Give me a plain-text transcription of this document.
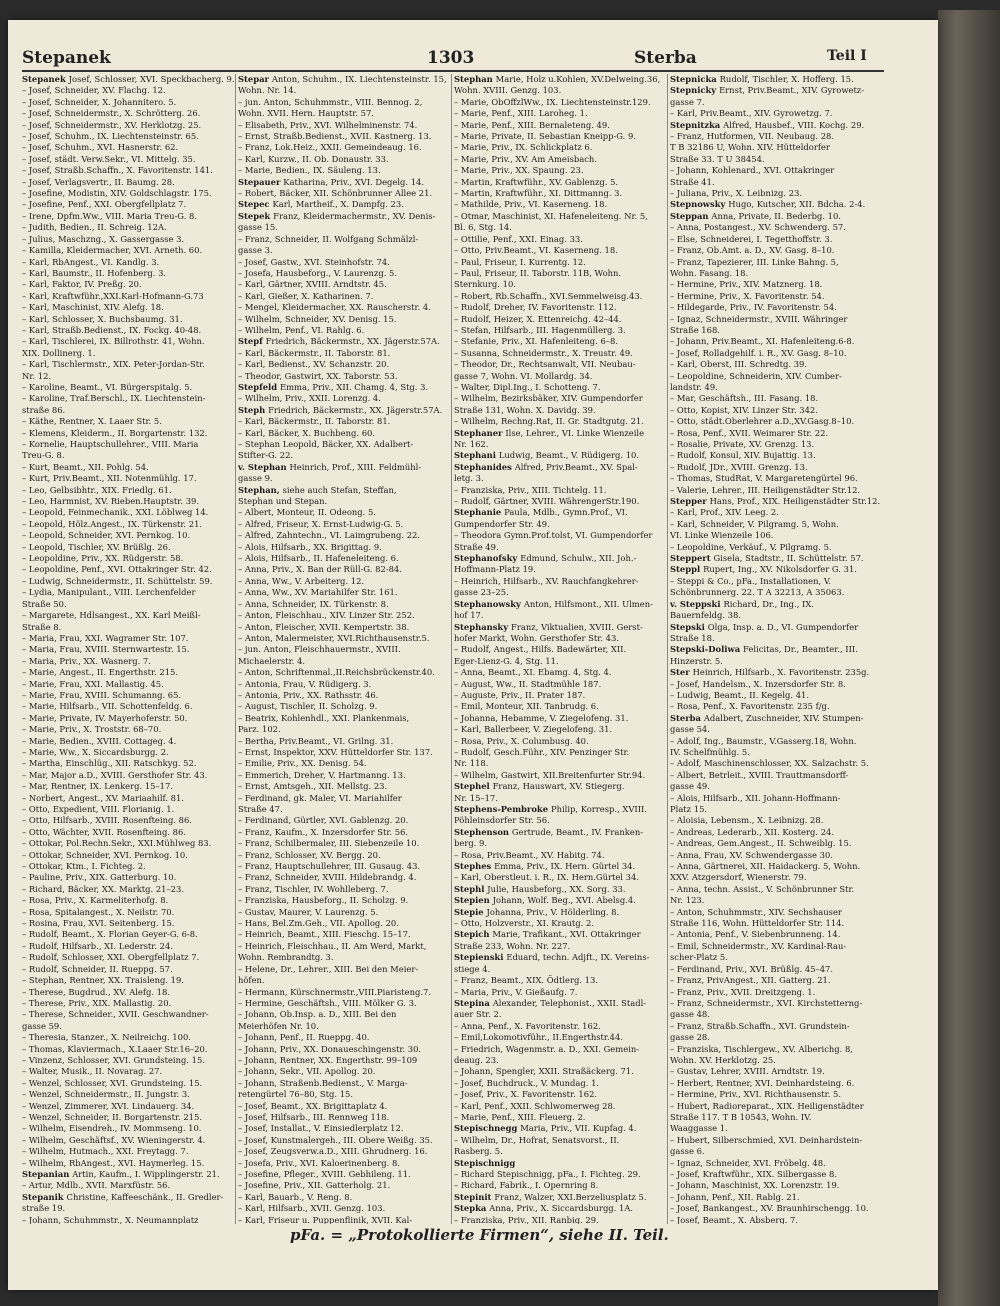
Stepanek	1303	Sterba	Teil I
Stepanek Josef, Schlosser, XVI. Speckbacherg. 9.
– Josef, Schneider, XV. Flachg. 12.
– Josef, Schneider, X. Johannitero. 5.
– Josef, Schneidermstr., X. Schrötterg. 26.
– Josef, Schneidermstr., XV. Herklotzg. 25.
– Josef, Schuhm., IX. Liechtensteinstr. 65.
– Josef, Schuhm., XVI. Hasnerstr. 62.
– Josef, städt. Verw.Sekr., VI. Mittelg. 35.
– Josef, Straßb.Schaffn., X. Favoritenstr. 141.
– Josef, Verlagsvertr., II. Baumg. 28.
– Josefine, Modistin, XIV. Goldschlagstr. 175.
– Josefine, Penf., XXI. Obergfellplatz 7.
– Irene, Dpfm.Ww., VIII. Maria Treu-G. 8.
– Judith, Bedien., II. Schreig. 12A.
– Julius, Maschzng., X. Gassergasse 3.
– Kamilla, Kleidermacher, XVI. Arneth. 60.
– Karl, RbAngest., VI. Kandlg. 3.
– Karl, Baumstr., II. Hofenberg. 3.
– Karl, Faktor, IV. Preßg. 20.
– Karl, Kraftwführ.,XXI.Karl-Hofmann-G.73
– Karl, Maschinist, XIV. Alefg. 18.
– Karl, Schlosser, X. Buchsbaumg. 31.
– Karl, Straßb.Bedienst., IX. Fockg. 40-48.
– Karl, Tischlerei, IX. Billrothstr. 41, Wohn.
XIX. Dollinerg. 1.
– Karl, Tischlermstr., XIX. Peter-Jordan-Str.
Nr. 12.
– Karoline, Beamt., VI. Bürgerspitalg. 5.
– Karoline, Traf.Berschl., IX. Liechtenstein-
straße 86.
– Käthe, Rentner, X. Laaer Str. 5.
– Klemens, Kleiderm., II. Borgartenstr. 132.
– Kornelie, Hauptschullehrer., VIII. Maria
Treu-G. 8.
– Kurt, Beamt., XII. Pohlg. 54.
– Kurt, Priv.Beamt., XII. Notenmühlg. 17.
– Leo, Gelbsibhtr., XIX. Friedlg. 61.
– Leo, Harmnist, XV. Rieben.Hauptstr. 39.
– Leopold, Feinmechanik., XXI. Löblweg 14.
– Leopold, Hölz.Angest., IX. Türkenstr. 21.
– Leopold, Schneider, XVI. Pernkog. 10.
– Leopold, Tischler, XV. Brüßlg. 26.
– Leopoldine, Priv., XX. Rüdgerstr. 58.
– Leopoldine, Penf., XVI. Ottakringer Str. 42.
– Ludwig, Schneidermstr., II. Schüttelstr. 59.
– Lydia, Manipulant., VIII. Lerchenfelder
Straße 50.
– Margarete, Hdlsangest., XX. Karl Meißl-
Straße 8.
– Maria, Frau, XXI. Wagramer Str. 107.
– Maria, Frau, XVIII. Sternwartestr. 15.
– Maria, Priv., XX. Wasnerg. 7.
– Marie, Angest., II. Engerthstr. 215.
– Marie, Frau, XXI. Mallastig. 45.
– Marie, Frau, XVIII. Schumanng. 65.
– Marie, Hilfsarb., VII. Schottenfeldg. 6.
– Marie, Private, IV. Mayerhoferstr. 50.
– Marie, Priv., X. Troststr. 68–70.
– Marie, Bedien., XVIII. Cottageg. 4.
– Marie, Ww., X. Siccardsburgg. 2.
– Martha, Einschlüg., XII. Ratschkyg. 52.
– Mar, Major a.D., XVIII. Gersthofer Str. 43.
– Mar, Rentner, IX. Lenkerg. 15–17.
– Norbert, Angest., XV. Mariaahilf. 81.
– Otto, Expedient, VIII. Florianig. 1.
– Otto, Hilfsarb., XVIII. Rosenfteing. 86.
– Otto, Wächter, XVII. Rosenfteing. 86.
– Ottokar, Pol.Rechn.Sekr., XXI.Mühlweg 83.
– Ottokar, Schneider, XVI. Pernkog. 10.
– Ottokar, Ktm., I. Fichteg. 2.
– Pauline, Priv., XIX. Gatterburg. 10.
– Richard, Bäcker, XX. Marktg. 21–23.
– Rosa, Priv., X. Karmeliterhofg. 8.
– Rosa, Spitalangest., X. Neilstr. 70.
– Rosina, Frau, XVI. Seitenberg. 15.
– Rudolf, Beamt., X. Florian Geyer-G. 6-8.
– Rudolf, Hilfsarb., XI. Lederstr. 24.
– Rudolf, Schlosser, XXI. Obergfellplatz 7.
– Rudolf, Schneider, II. Rueppg. 57.
– Stephan, Rentner, XX. Traisleng. 19.
– Therese, Bugdrud., XV. Alefg. 18.
– Therese, Priv., XIX. Mallastig. 20.
– Therese, Schneider., XVII. Geschwandner-
gasse 59.
– Theresia, Stanzer., X. Neilreichg. 100.
– Thomas, Klaviermach., X.Laaer Str.16–20.
– Vinzenz, Schlosser, XVI. Grundsteing. 15.
– Walter, Musik., II. Novarag. 27.
– Wenzel, Schlosser, XVI. Grundsteing. 15.
– Wenzel, Schneidermstr., II. Jungstr. 3.
– Wenzel, Zimmerer, XVI. Lindauerg. 34.
– Wenzel, Schneider, II. Borgartenstr. 215.
– Wilhelm, Eisendreh., IV. Mommseng. 10.
– Wilhelm, Geschäftsf., XV. Wieningerstr. 4.
– Wilhelm, Hutmach., XXI. Freytagg. 7.
– Wilhelm, RbAngest., XVI. Haymerleg. 15.
Stepanian Artin, Kaufm., I. Wipplingerstr. 21.
– Artur, Mdlb., XVII. Marxfüstr. 56.
Stepanik Christine, Kaffeeschänk., II. Gredler-
straße 19.
– Johann, Schuhmmstr., X. Neumannplatz
Stepar Anton, Schuhm., IX. Liechtensteinstr. 15,
Wohn. Nr. 14.
– jun. Anton, Schuhmmstr., VIII. Bennog. 2,
Wohn. XVII. Hern. Hauptstr. 57.
– Elisabeth, Priv., XVI. Wilhelminenstr. 74.
– Ernst, Straßb.Bedienst., XVII. Kastnerg. 13.
– Franz, Lok.Heiz., XXII. Gemeindeaug. 16.
– Karl, Kurzw., II. Ob. Donaustr. 33.
– Marie, Bedien., IX. Säuleng. 13.
Stepauer Katharina, Priv., XVI. Degelg. 14.
– Robert, Bäcker, XII. Schönbrunner Allee 21.
Stepec Karl, Martheif., X. Dampfg. 23.
Stepek Franz, Kleidermachermstr., XV. Denis-
gasse 15.
– Franz, Schneider, II. Wolfgang Schmälzl-
gasse 3.
– Josef, Gastw., XVI. Steinhofstr. 74.
– Josefa, Hausbeforg., V. Laurenzg. 5.
– Karl, Gärtner, XVIII. Arndtstr. 45.
– Karl, Gießer, X. Katharinen. 7.
– Mengel, Kleidermacher, XX. Rauscherstr. 4.
– Wilhelm, Schneider, XV. Denisg. 15.
– Wilhelm, Penf., VI. Rahlg. 6.
Stepf Friedrich, Bäckermstr., XX. Jägerstr.57A.
– Karl, Bäckermstr., II. Taborstr. 81.
– Karl, Bedienst., XV. Schanzstr. 20.
– Theodor, Gastwirt, XX. Taborstr. 53.
Stepfeld Emma, Priv., XII. Chamg. 4, Stg. 3.
– Wilhelm, Priv., XXII. Lorenzg. 4.
Steph Friedrich, Bäckermstr., XX. Jägerstr.57A.
– Karl, Bäckermstr., II. Taborstr. 81.
– Karl, Bäcker, X. Buchbeng. 60.
– Stephan Leopold, Bäcker, XX. Adalbert-
Stifter-G. 22.
v. Stephan Heinrich, Prof., XIII. Feldmühl-
gasse 9.
Stephan, siehe auch Stefan, Steffan,
Stephan und Stepan.
– Albert, Monteur, II. Odeong. 5.
– Alfred, Friseur, X. Ernst-Ludwig-G. 5.
– Alfred, Zahntechn., VI. Laimgrubeng. 22.
– Alois, Hilfsarb., XX. Brigittag. 9.
– Alois, Hilfsarb., II. Hafeneleiteng. 6.
– Anna, Priv., X. Ban der Rüll-G. 82-84.
– Anna, Ww., V. Arbeiterg. 12.
– Anna, Ww., XV. Mariahilfer Str. 161.
– Anna, Schneider, IX. Türkenstr. 8.
– Anton, Fleischhau., XIV. Linzer Str. 252.
– Anton, Fleischer, XVII. Kempertstr. 38.
– Anton, Malermeister, XVI.Richthausenstr.5.
– jun. Anton, Fleischhauermstr., XVIII.
Michaelerstr. 4.
– Anton, Schriftenmal.,II.Reichsbrückenstr.40.
– Antonia, Frau, V. Rüdigerg. 3.
– Antonia, Priv., XX. Rathsstr. 46.
– August, Tischler, II. Scholzg. 9.
– Beatrix, Kohlenhdl., XXI. Plankenmais,
Parz. 102.
– Bertha, Priv.Beamt., VI. Grilng. 31.
– Ernst, Inspektor, XXV. Hütteldorfer Str. 137.
– Emilie, Priv., XX. Denisg. 54.
– Emmerich, Dreher, V. Hartmanng. 13.
– Ernst, Amtsgeh., XII. Mellstg. 23.
– Ferdinand, gk. Maler, VI. Mariahilfer
Straße 47.
– Ferdinand, Gürtler, XVI. Gablenzg. 20.
– Franz, Kaufm., X. Inzersdorfer Str. 56.
– Franz, Schilbermaler, III. Siebenzeile 10.
– Franz, Schlosser, XV. Bergg. 20.
– Franz, Hauptschullehrer, III. Gusaug. 43.
– Franz, Schneider, XVIII. Hildebrandg. 4.
– Franz, Tischler, IV. Wohlleberg. 7.
– Franziska, Hausbeforg., II. Scholzg. 9.
– Gustav, Maurer, V. Laurenzg. 5.
– Hans, Bel.Zm.Geh., VII. Apollog. 20.
– Heinrich, Beamt., XIII. Fieschg. 15–17.
– Heinrich, Fleischhau., II. Am Werd, Markt,
Wohn. Rembrandtg. 3.
– Helene, Dr., Lehrer., XIII. Bei den Meier-
höfen.
– Hermann, Kürschnermstr.,VIII.Piaristeng.7.
– Hermine, Geschäftsh., VIII. Mölker G. 3.
– Johann, Ob.Insp. a. D., XIII. Bei den
Meierhöfen Nr. 10.
– Johann, Penf., II. Rueppg. 40.
– Johann, Priv., XX. Donaueschingenstr. 30.
– Johann, Rentner, XX. Engerthstr. 99–109
– Johann, Sekr., VII. Apollog. 20.
– Johann, Straßenb.Bedienst., V. Marga-
retengürtel 76–80, Stg. 15.
– Josef, Beamt., XX. Brigittaplatz 4.
– Josef, Hilfsarb., III. Rennweg 118.
– Josef, Installat., V. Einsiedlerplatz 12.
– Josef, Kunstmalergeh., III. Obere Weißg. 35.
– Josef, Zeugsverw.a.D., XIII. Ghrudnerg. 16.
– Josefa, Priv., XVI. Kaloerinenberg. 8.
– Josefine, Pfleger., XVIII. Gebhileng. 11.
– Josefine, Priv., XII. Gatterholg. 21.
– Karl, Bauarb., V. Reng. 8.
– Karl, Hilfsarb., XVII. Genzg. 103.
– Karl, Friseur u. Puppenflinik, XVII. Kal-
Stephan Marie, Holz u.Kohlen, XV.Delweing.36,
Wohn. XVIII. Genzg. 103.
– Marie, ObOffzlWw., IX. Liechtensteinstr.129.
– Marie, Penf., XIII. Laroheg. 1.
– Marie, Penf., XIII. Bernaleteng. 49.
– Marie, Private, II. Sebastian Kneipp-G. 9.
– Marie, Priv., IX. Schlickplatz 6.
– Marie, Priv., XV. Am Ameisbach.
– Marie, Priv., XX. Spaung. 23.
– Martin, Kraftwführ., XV. Gablenzg. 5.
– Martin, Kraftwführ., XI. Dittmanng. 3.
– Mathilde, Priv., VI. Kaserneng. 18.
– Otmar, Maschinist, XI. Hafeneleiteng. Nr. 5,
Bl. 6, Stg. 14.
– Ottilie, Penf., XXI. Einag. 33.
– Otto, Priv.Beamt., VI. Kaserneng. 18.
– Paul, Friseur, I. Kurrentg. 12.
– Paul, Friseur, II. Taborstr. 11B, Wohn.
Sternkurg. 10.
– Robert, Rb.Schaffn., XVI.Semmelweisg.43.
– Rudolf, Dreher, IV. Favoritenstr. 112.
– Rudolf, Heizer, X. Ettenreichg. 42–44.
– Stefan, Hilfsarb., III. Hagenmüllerg. 3.
– Stefanie, Priv., XI. Hafenleiteng. 6–8.
– Susanna, Schneidermstr., X. Treustr. 49.
– Theodor, Dr., Rechtsanwalt, VII. Neubau-
gasse 7, Wohn. VI. Mollardg. 34.
– Walter, Dipl.Ing., I. Schotteng. 7.
– Wilhelm, Bezirksbäker, XIV. Gumpendorfer
Straße 131, Wohn. X. Davidg. 39.
– Wilhelm, Rechng.Rat, II. Gr. Stadtgutg. 21.
Stephaner Ilse, Lehrer., VI. Linke Wienzeile
Nr. 162.
Stephani Ludwig, Beamt., V. Rüdigerg. 10.
Stephanides Alfred, Priv.Beamt., XV. Spal-
letg. 3.
– Franziska, Priv., XIII. Tichtelg. 11.
– Rudolf, Gärtner, XVIII. WährengerStr.190.
Stephanie Paula, Mdlb., Gymn.Prof., VI.
Gumpendorfer Str. 49.
– Theodora Gymn.Prof.tolst, VI. Gumpendorfer
Straße 49.
Stephanofsky Edmund, Schulw., XII. Joh.-
Hoffmann-Platz 19.
– Heinrich, Hilfsarb., XV. Rauchfangkehrer-
gasse 23–25.
Stephanowsky Anton, Hilfsmont., XII. Ulmen-
hof 17.
Stephansky Franz, Viktualien, XVIII. Gerst-
hofer Markt, Wohn. Gersthofer Str. 43.
– Rudolf, Angest., Hilfs. Badewärter, XII.
Eger-Lienz-G. 4, Stg. 11.
– Anna, Beamt., XI. Ebamg. 4, Stg. 4.
– August, Ww., II. Stadtmühle 187.
– Auguste, Priv., II. Prater 187.
– Emil, Monteur, XII. Tanbrudg. 6.
– Johanna, Hebamme, V. Ziegelofeng. 31.
– Karl, Ballerbeer, V. Ziegelofeng. 31.
– Rosa, Priv., X. Columbusg. 40.
– Rudolf, Gesch.Führ., XIV. Penzinger Str.
Nr. 118.
– Wilhelm, Gastwirt, XII.Breitenfurter Str.94.
Stephel Franz, Hauswart, XV. Stiegerg.
Nr. 15–17.
Stephens-Pembroke Philip, Korresp., XVIII.
Pöhleinsdorfer Str. 56.
Stephenson Gertrude, Beamt., IV. Franken-
berg. 9.
– Rosa, Priv.Beamt., XV. Habitg. 74.
Stephes Emma, Priv., IX. Hern. Gürtel 34.
– Karl, Oberstleut. i. R., IX. Hern.Gürtel 34.
Stephl Julie, Hausbeforg., XX. Sorg. 33.
Stepien Johann, Wolf. Beg., XVI. Abelsg.4.
Stepie Johanna, Priv., V. Hölderling. 8.
– Otto, Holzverstr., XI. Krautg. 2.
Stepich Marie, Trafikant., XVI. Ottakringer
Straße 233, Wohn. Nr. 227.
Stepienski Eduard, techn. Adjft., IX. Vereins-
stiege 4.
– Franz, Beamt., XIX. Ödtlerg. 13.
– Maria, Priv., V. Gießaufg. 7.
Stepina Alexander, Telephonist., XXII. Stadl-
auer Str. 2.
– Anna, Penf., X. Favoritenstr. 162.
– Emil,Lokomotivführ., II.Engerthstr.44.
– Friedrich, Wagenmstr. a. D., XXI. Gemein-
deaug. 23.
– Johann, Spengler, XXII. Straßäckerg. 71.
– Josef, Buchdruck., V. Mundag. 1.
– Josef, Priv., X. Favoritenstr. 162.
– Karl, Penf., XXII. Schlwomerweg 28.
– Marie, Penf., XIII. Fleuerg. 2.
Stepischnegg Maria, Priv., VII. Kupfag. 4.
– Wilhelm, Dr., Hofrat, Senatsvorst., II.
Rasberg. 5.
Stepischnigg
– Richard Stepischnigg, pFa., I. Fichteg. 29.
– Richard, Fabrik., I. Opernring 8.
Stepinit Franz, Walzer, XXI.Berzeliusplatz 5.
Stepka Anna, Priv., X. Siccardsburgg. 1A.
– Franziska, Priv., XII. Ranbig. 29.
Stepnicka Rudolf, Tischler, X. Hofferg. 15.
Stepnicky Ernst, Priv.Beamt., XIV. Gyrowetz-
gasse 7.
– Karl, Priv.Beamt., XIV. Gyrowetzg. 7.
Stepnitzka Alfred, Hausbef., VIII. Kochg. 29.
– Franz, Hutformen, VII. Neubaug. 28.
T B 32186 U, Wohn. XIV. Hütteldorfer
Straße 33. T U 38454.
– Johann, Kohlenard., XVI. Ottakringer
Straße 41.
– Juliana, Priv., X. Leibnizg. 23.
Stepnowsky Hugo, Kutscher, XII. Bdcha. 2-4.
Steppan Anna, Private, II. Bederbg. 10.
– Anna, Postangest., XV. Schwenderg. 57.
– Else, Schneiderei, I. Tegetthoffstr. 3.
– Franz, Ob.Amt. a. D., XV. Gasg. 8–10.
– Franz, Tapezierer, III. Linke Bahng. 5,
Wohn. Fasang. 18.
– Hermine, Priv., XIV. Matznerg. 18.
– Hermine, Priv., X. Favoritenstr. 54.
– Hildegarde, Priv., IV. Favoritenstr. 54.
– Ignaz, Schneidermstr., XVIII. Währinger
Straße 168.
– Johann, Priv.Beamt., XI. Hafenleiteng.6-8.
– Josef, Rolladgehilf. i. R., XV. Gasg. 8–10.
– Karl, Oberst, III. Schredtg. 39.
– Leopoldine, Schneiderin, XIV. Cumber-
landstr. 49.
– Mar, Geschäftsh., III. Fasang. 18.
– Otto, Kopist, XIV. Linzer Str. 342.
– Otto, städt.Oberlehrer a.D.,XV.Gasg.8–10.
– Rosa, Penf., XVII. Weimarer Str. 22.
– Rosalie, Private, XV. Grenzg. 13.
– Rudolf, Konsul, XIV. Bujattig. 13.
– Rudolf, JDr., XVIII. Grenzg. 13.
– Thomas, StudRat, V. Margaretengürtel 96.
– Valerie, Lehrer., III. Heiligenstädter Str.12.
Stepper Hans, Prof., XIX. Heiligenstädter Str.12.
– Karl, Prof., XIV. Leeg. 2.
– Karl, Schneider, V. Pilgramg. 5, Wohn.
VI. Linke Wienzeile 106.
– Leopoldine, Verkäuf., V. Pilgramg. 5.
Steppert Gisela, Stadtstr., II. Schüttelstr. 57.
Steppl Rupert, Ing., XV. Nikolsdorfer G. 31.
– Steppi & Co., pFa., Installationen, V.
Schönbrunnerg. 22. T A 32213, A 35063.
v. Steppski Richard, Dr., Ing., IX.
Bauernfeldg. 38.
Stepski Olga, Insp. a. D., VI. Gumpendorfer
Straße 18.
Stepski-Doliwa Felicitas, Dr., Beamter., III.
Hinzerstr. 5.
Ster Heinrich, Hilfsarb., X. Favoritenstr. 235g.
– Josef, Handelsm., X. Inzersdorfer Str. 8.
– Ludwig, Beamt., II. Kegelg. 41.
– Rosa, Penf., X. Favoritenstr. 235 f/g.
Sterba Adalbert, Zuschneider, XIV. Stumpen-
gasse 54.
– Adolf, Ing., Baumstr., V.Gasserg.18, Wohn.
IV. Schelfmühlg. 5.
– Adolf, Maschinenschlosser, XX. Salzachstr. 5.
– Albert, Betrleit., XVIII. Trauttmansdorff-
gasse 49.
– Alois, Hilfsarb., XII. Johann-Hoffmann-
Platz 15.
– Aloisia, Lebensm., X. Leibnizg. 28.
– Andreas, Lederarb., XII. Kosterg. 24.
– Andreas, Gem.Angest., II. Schweiblg. 15.
– Anna, Frau, XV. Schwendergasse 30.
– Anna, Gärtnerei, XII. Haidackerg. 5, Wohn.
XXV. Atzgersdorf, Wienerstr. 79.
– Anna, techn. Assist., V. Schönbrunner Str.
Nr. 123.
– Anton, Schuhmmstr., XIV. Sechshauser
Straße 116, Wohn. Hütteldorfer Str. 114.
– Antonia, Penf., V. Siebenbrunneng. 14.
– Emil, Schneidermstr., XV. Kardinal-Rau-
scher-Platz 5.
– Ferdinand, Priv., XVI. Brüßlg. 45–47.
– Franz, PrivAngest., XII. Gatterg. 21.
– Franz, Priv., XVII. Dreitzgeng. 1.
– Franz, Schneidermstr., XVI. Kirchstetterng-
gasse 48.
– Franz, Straßb.Schaffn., XVI. Grundstein-
gasse 28.
– Franziska, Tischlergew., XV. Alberichg. 8,
Wohn. XV. Herklotzg. 25.
– Gustav, Lehrer, XVIII. Arndtstr. 19.
– Herbert, Rentner, XVI. Deinhardsteing. 6.
– Hermine, Priv., XVI. Richthausenstr. 5.
– Hubert, Radioreparat., XIX. Heiligenstädter
Straße 117. T B 10543, Wohn. IV.
Waaggasse 1.
– Hubert, Silberschmied, XVI. Deinhardstein-
gasse 6.
– Ignaz, Schneider, XVI. Fröbelg. 48.
– Josef, Kraftwführ., XIX. Silbergasse 8.
– Johann, Maschinist, XX. Lorenzstr. 19.
– Johann, Penf., XII. Rablg. 21.
– Josef, Bankangest., XV. Braunhirschengg. 10.
– Josef, Beamt., X. Absberg. 7.
pFa. = „Protokollierte Firmen“, siehe II. Teil.
